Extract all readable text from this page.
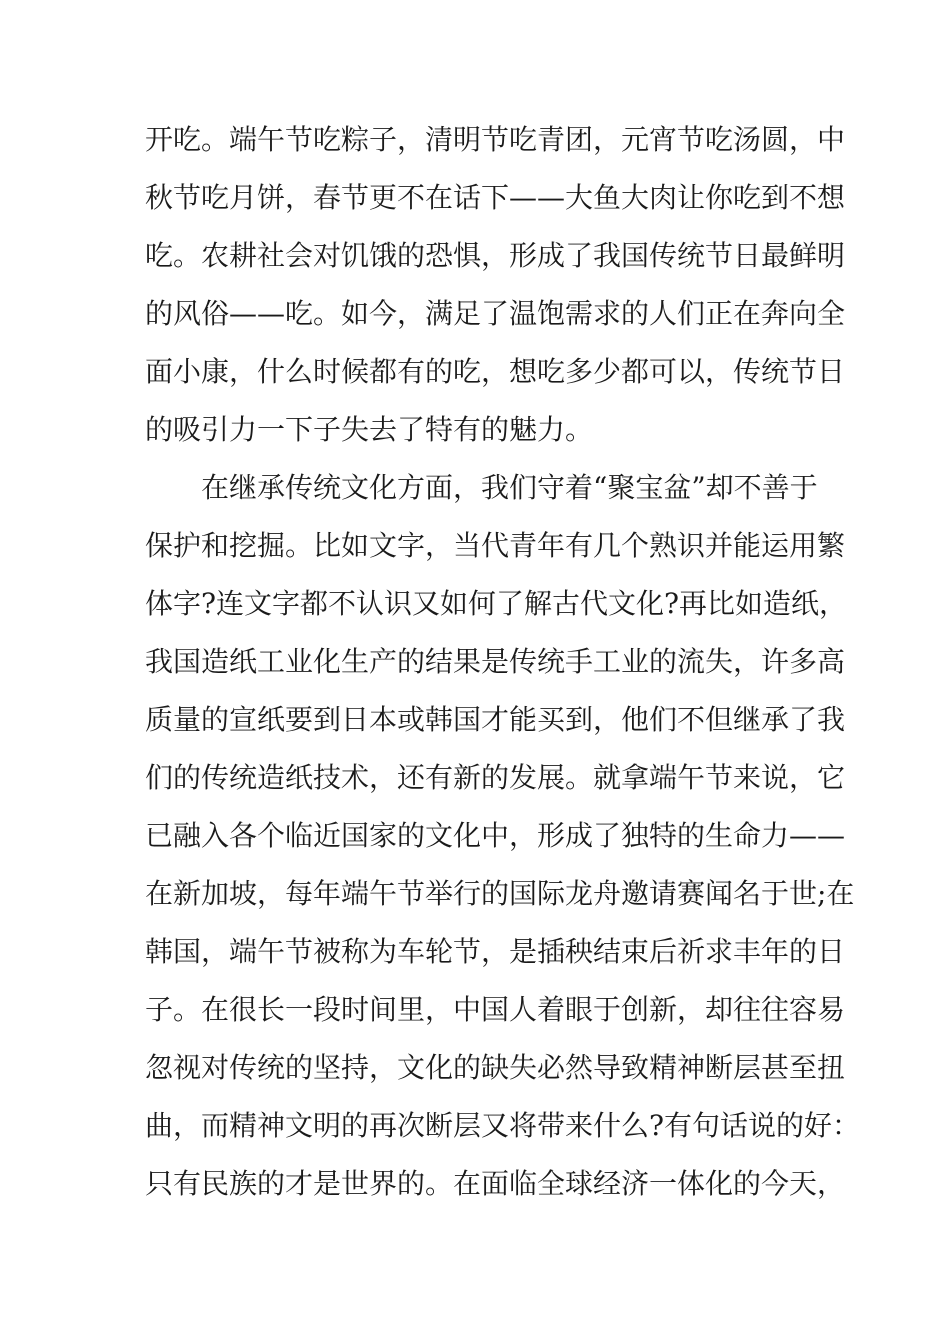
开吃。端午节吃粽子，清明节吃青团，元宵节吃汤圆，中

秋节吃月饼，春节更不在话下——大鱼大肉让你吃到不想

吃。农耕社会对饥饿的恐惧，形成了我国传统节日最鲜明

的风俗——吃。如今，满足了温饱需求的人们正在奔向全

面小康，什么时候都有的吃，想吃多少都可以，传统节日

的吸引力一下子失去了特有的魅力。

　　在继承传统文化方面，我们守着“聚宝盆”却不善于

保护和挖掘。比如文字，当代青年有几个熟识并能运用繁

体字?连文字都不认识又如何了解古代文化?再比如造纸，

我国造纸工业化生产的结果是传统手工业的流失，许多高

质量的宣纸要到日本或韩国才能买到，他们不但继承了我

们的传统造纸技术，还有新的发展。就拿端午节来说，它

已融入各个临近国家的文化中，形成了独特的生命力——

在新加坡，每年端午节举行的国际龙舟邀请赛闻名于世;在

韩国，端午节被称为车轮节，是插秧结束后祈求丰年的日

子。在很长一段时间里，中国人着眼于创新，却往往容易

忽视对传统的坚持，文化的缺失必然导致精神断层甚至扭

曲，而精神文明的再次断层又将带来什么?有句话说的好：

只有民族的才是世界的。在面临全球经济一体化的今天，
